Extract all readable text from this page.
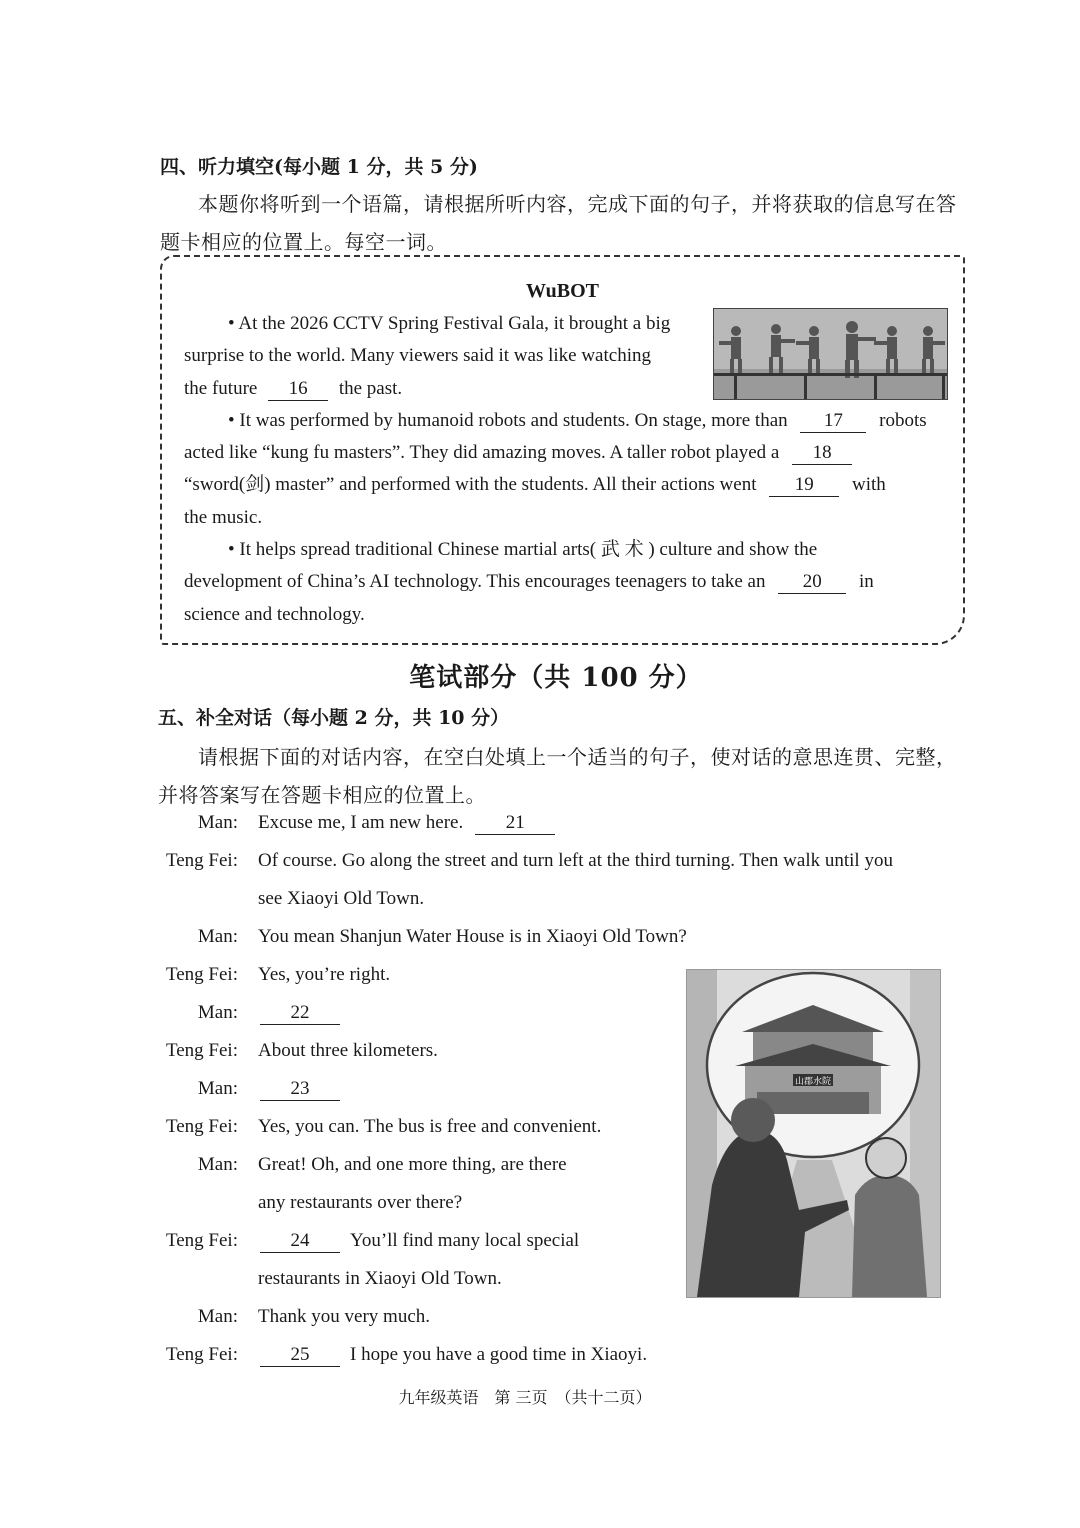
四、听力填空(每小题 1 分，共 5 分)
本题你将听到一个语篇，请根据所听内容，完成下面的句子，并将获取的信息写在答
题卡相应的位置上。每空一词。
WuBOT
• At the 2026 CCTV Spring Festival Gala, it brought a big
surprise to the world. Many viewers said it was like watching
the future 16 the past.
• It was performed by humanoid robots and students. On stage, more than 17 robots
acted like “kung fu masters”. They did amazing moves. A taller robot played a 18
“sword(剑) master” and performed with the students. All their actions went 19 with
the music.
• It helps spread traditional Chinese martial arts( 武 术 ) culture and show the
development of China’s AI technology. This encourages teenagers to take an 20 in
science and technology.
笔试部分（共 100 分）
五、补全对话（每小题 2 分，共 10 分）
请根据下面的对话内容，在空白处填上一个适当的句子，使对话的意思连贯、完整，
并将答案写在答题卡相应的位置上。
Man: Excuse me, I am new here. 21
Teng Fei: Of course. Go along the street and turn left at the third turning. Then walk until you
see Xiaoyi Old Town.
Man: You mean Shanjun Water House is in Xiaoyi Old Town?
Teng Fei: Yes, you’re right.
Man:	22
Teng Fei: About three kilometers.
Man:	23
Teng Fei: Yes, you can. The bus is free and convenient.
Man: Great! Oh, and one more thing, are there
any restaurants over there?
Teng Fei:	24 You’ll find many local special
restaurants in Xiaoyi Old Town.
Man: Thank you very much.
Teng Fei:	25 I hope you have a good time in Xiaoyi.
山郡水院
九年级英语　第 三页　（共十二页）
